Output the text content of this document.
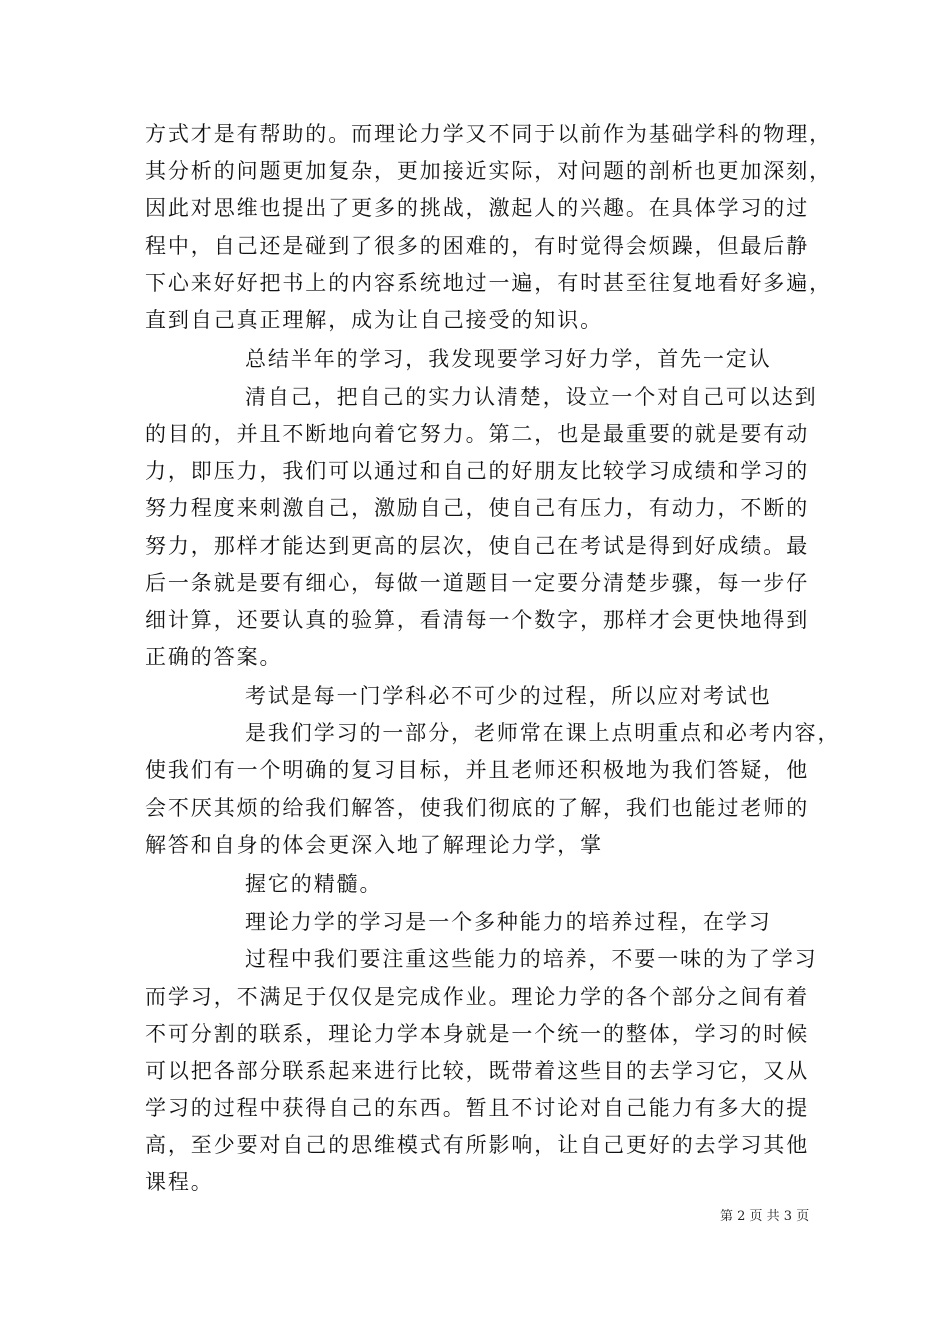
方式才是有帮助的。而理论力学又不同于以前作为基础学科的物理，
其分析的问题更加复杂，更加接近实际，对问题的剖析也更加深刻，
因此对思维也提出了更多的挑战，激起人的兴趣。在具体学习的过
程中，自己还是碰到了很多的困难的，有时觉得会烦躁，但最后静
下心来好好把书上的内容系统地过一遍，有时甚至往复地看好多遍，
直到自己真正理解，成为让自己接受的知识。
总结半年的学习，我发现要学习好力学，首先一定认
清自己，把自己的实力认清楚，设立一个对自己可以达到
的目的，并且不断地向着它努力。第二，也是最重要的就是要有动
力，即压力，我们可以通过和自己的好朋友比较学习成绩和学习的
努力程度来刺激自己，激励自己，使自己有压力，有动力，不断的
努力，那样才能达到更高的层次，使自己在考试是得到好成绩。最
后一条就是要有细心，每做一道题目一定要分清楚步骤，每一步仔
细计算，还要认真的验算，看清每一个数字，那样才会更快地得到
正确的答案。
考试是每一门学科必不可少的过程，所以应对考试也
是我们学习的一部分，老师常在课上点明重点和必考内容，
使我们有一个明确的复习目标，并且老师还积极地为我们答疑，他
会不厌其烦的给我们解答，使我们彻底的了解，我们也能过老师的
解答和自身的体会更深入地了解理论力学，掌
握它的精髓。
理论力学的学习是一个多种能力的培养过程，在学习
过程中我们要注重这些能力的培养，不要一味的为了学习
而学习，不满足于仅仅是完成作业。理论力学的各个部分之间有着
不可分割的联系，理论力学本身就是一个统一的整体，学习的时候
可以把各部分联系起来进行比较，既带着这些目的去学习它，又从
学习的过程中获得自己的东西。暂且不讨论对自己能力有多大的提
高，至少要对自己的思维模式有所影响，让自己更好的去学习其他
课程。
第 2 页 共 3 页
